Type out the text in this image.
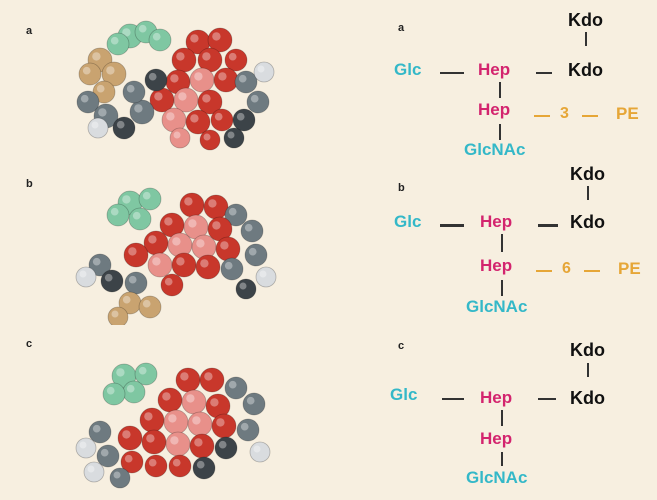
a
b
c
a	Kdo
Glc	Hep	Kdo
Hep	3	PE
GlcNAc
b
Kdo
Glc	Hep	Kdo
Hep	6	PE
GlcNAc
c	Kdo
Glc	Hep	Kdo
Hep
GlcNAc
